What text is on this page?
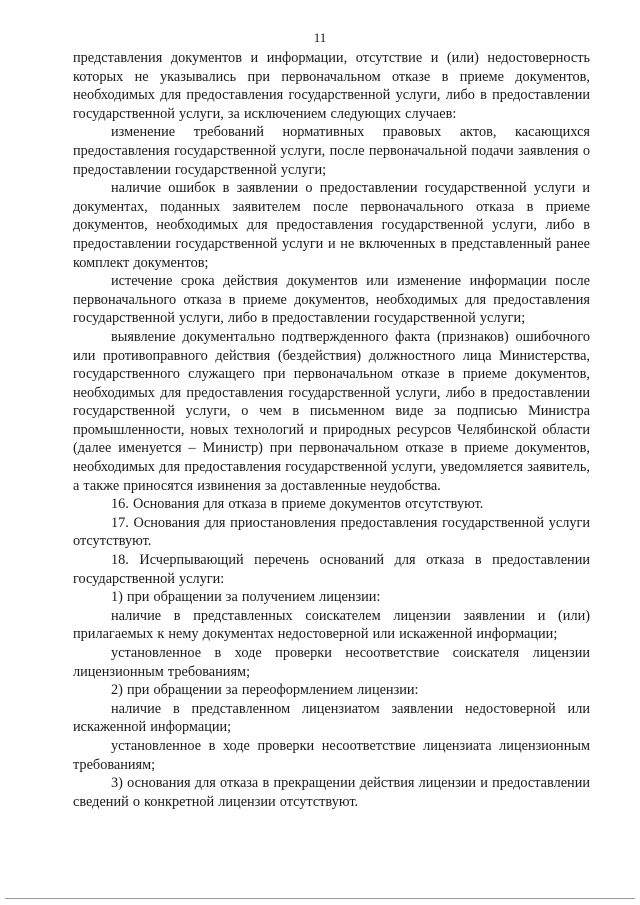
11

представления документов и информации, отсутствие и (или) недостоверность которых не указывались при первоначальном отказе в приеме документов, необходимых для предоставления государственной услуги, либо в предоставлении государственной услуги, за исключением следующих случаев:

изменение требований нормативных правовых актов, касающихся предоставления государственной услуги, после первоначальной подачи заявления о предоставлении государственной услуги;

наличие ошибок в заявлении о предоставлении государственной услуги и документах, поданных заявителем после первоначального отказа в приеме документов, необходимых для предоставления государственной услуги, либо в предоставлении государственной услуги и не включенных в представленный ранее комплект документов;

истечение срока действия документов или изменение информации после первоначального отказа в приеме документов, необходимых для предоставления государственной услуги, либо в предоставлении государственной услуги;

выявление документально подтвержденного факта (признаков) ошибочного или противоправного действия (бездействия) должностного лица Министерства, государственного служащего при первоначальном отказе в приеме документов, необходимых для предоставления государственной услуги, либо в предоставлении государственной услуги, о чем в письменном виде за подписью Министра промышленности, новых технологий и природных ресурсов Челябинской области (далее именуется – Министр) при первоначальном отказе в приеме документов, необходимых для предоставления государственной услуги, уведомляется заявитель, а также приносятся извинения за доставленные неудобства.

16. Основания для отказа в приеме документов отсутствуют.

17. Основания для приостановления предоставления государственной услуги отсутствуют.

18. Исчерпывающий перечень оснований для отказа в предоставлении государственной услуги:

1) при обращении за получением лицензии:

наличие в представленных соискателем лицензии заявлении и (или) прилагаемых к нему документах недостоверной или искаженной информации;

установленное в ходе проверки несоответствие соискателя лицензии лицензионным требованиям;

2) при обращении за переоформлением лицензии:

наличие в представленном лицензиатом заявлении недостоверной или искаженной информации;

установленное в ходе проверки несоответствие лицензиата лицензионным требованиям;

3) основания для отказа в прекращении действия лицензии и предоставлении сведений о конкретной лицензии отсутствуют.
